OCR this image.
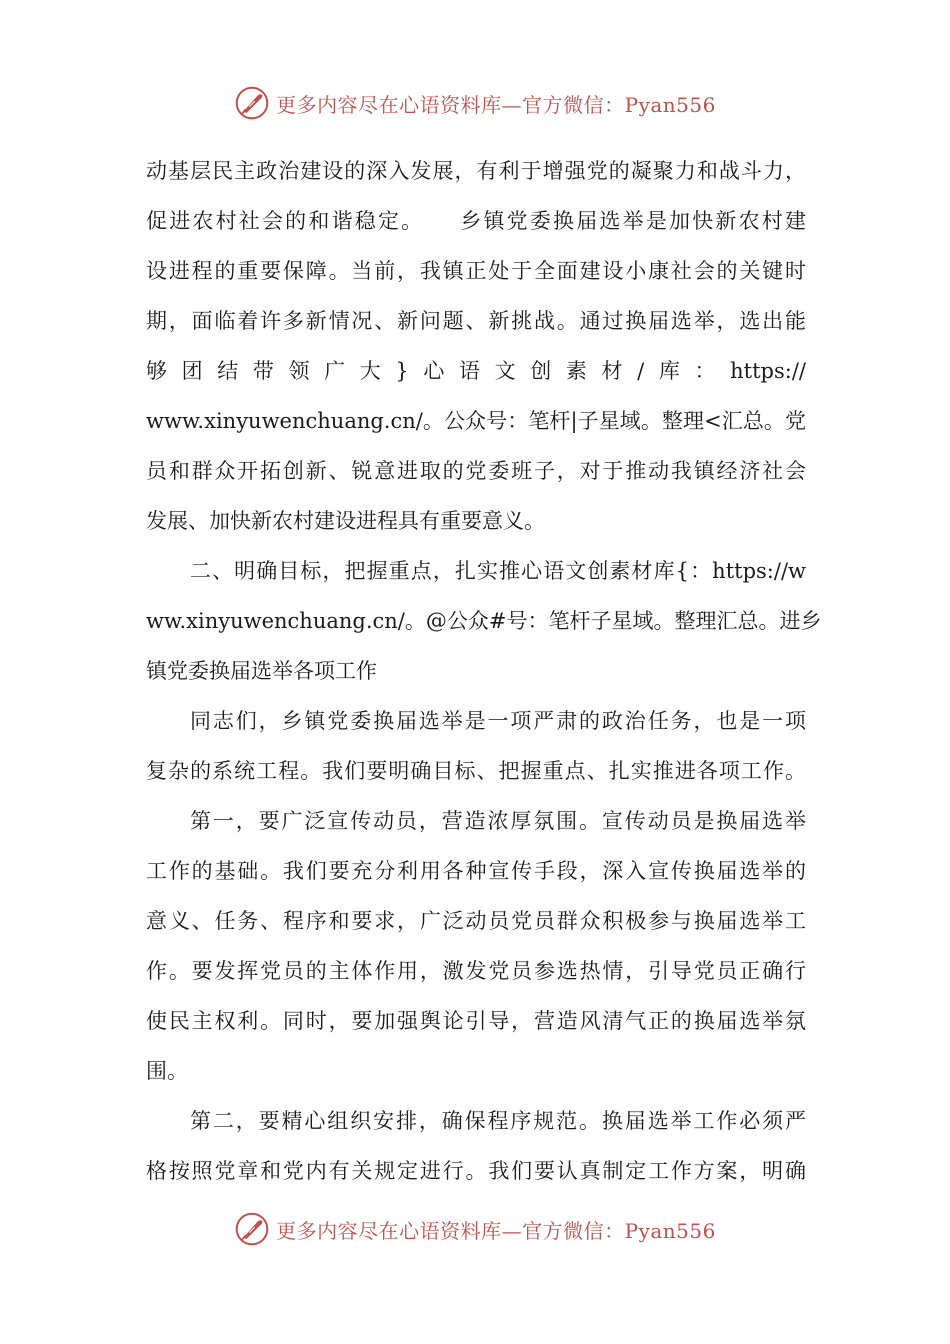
更多内容尽在心语资料库—官方微信：Pyan556
动基层民主政治建设的深入发展，有利于增强党的凝聚力和战斗力，
促进农村社会的和谐稳定。　　乡镇党委换届选举是加快新农村建
设进程的重要保障。当前，我镇正处于全面建设小康社会的关键时
期，面临着许多新情况、新问题、新挑战。通过换届选举，选出能
够团结带领广大}心语文创素材/库：https://
www.xinyuwenchuang.cn/。公众号：笔杆|子星域。整理<汇总。党
员和群众开拓创新、锐意进取的党委班子，对于推动我镇经济社会
发展、加快新农村建设进程具有重要意义。
二、明确目标，把握重点，扎实推心语文创素材库{：https://w
ww.xinyuwenchuang.cn/。@公众#号：笔杆子星域。整理汇总。进乡
镇党委换届选举各项工作
同志们，乡镇党委换届选举是一项严肃的政治任务，也是一项
复杂的系统工程。我们要明确目标、把握重点、扎实推进各项工作。
第一，要广泛宣传动员，营造浓厚氛围。宣传动员是换届选举
工作的基础。我们要充分利用各种宣传手段，深入宣传换届选举的
意义、任务、程序和要求，广泛动员党员群众积极参与换届选举工
作。要发挥党员的主体作用，激发党员参选热情，引导党员正确行
使民主权利。同时，要加强舆论引导，营造风清气正的换届选举氛
围。
第二，要精心组织安排，确保程序规范。换届选举工作必须严
格按照党章和党内有关规定进行。我们要认真制定工作方案，明确
更多内容尽在心语资料库—官方微信：Pyan556
